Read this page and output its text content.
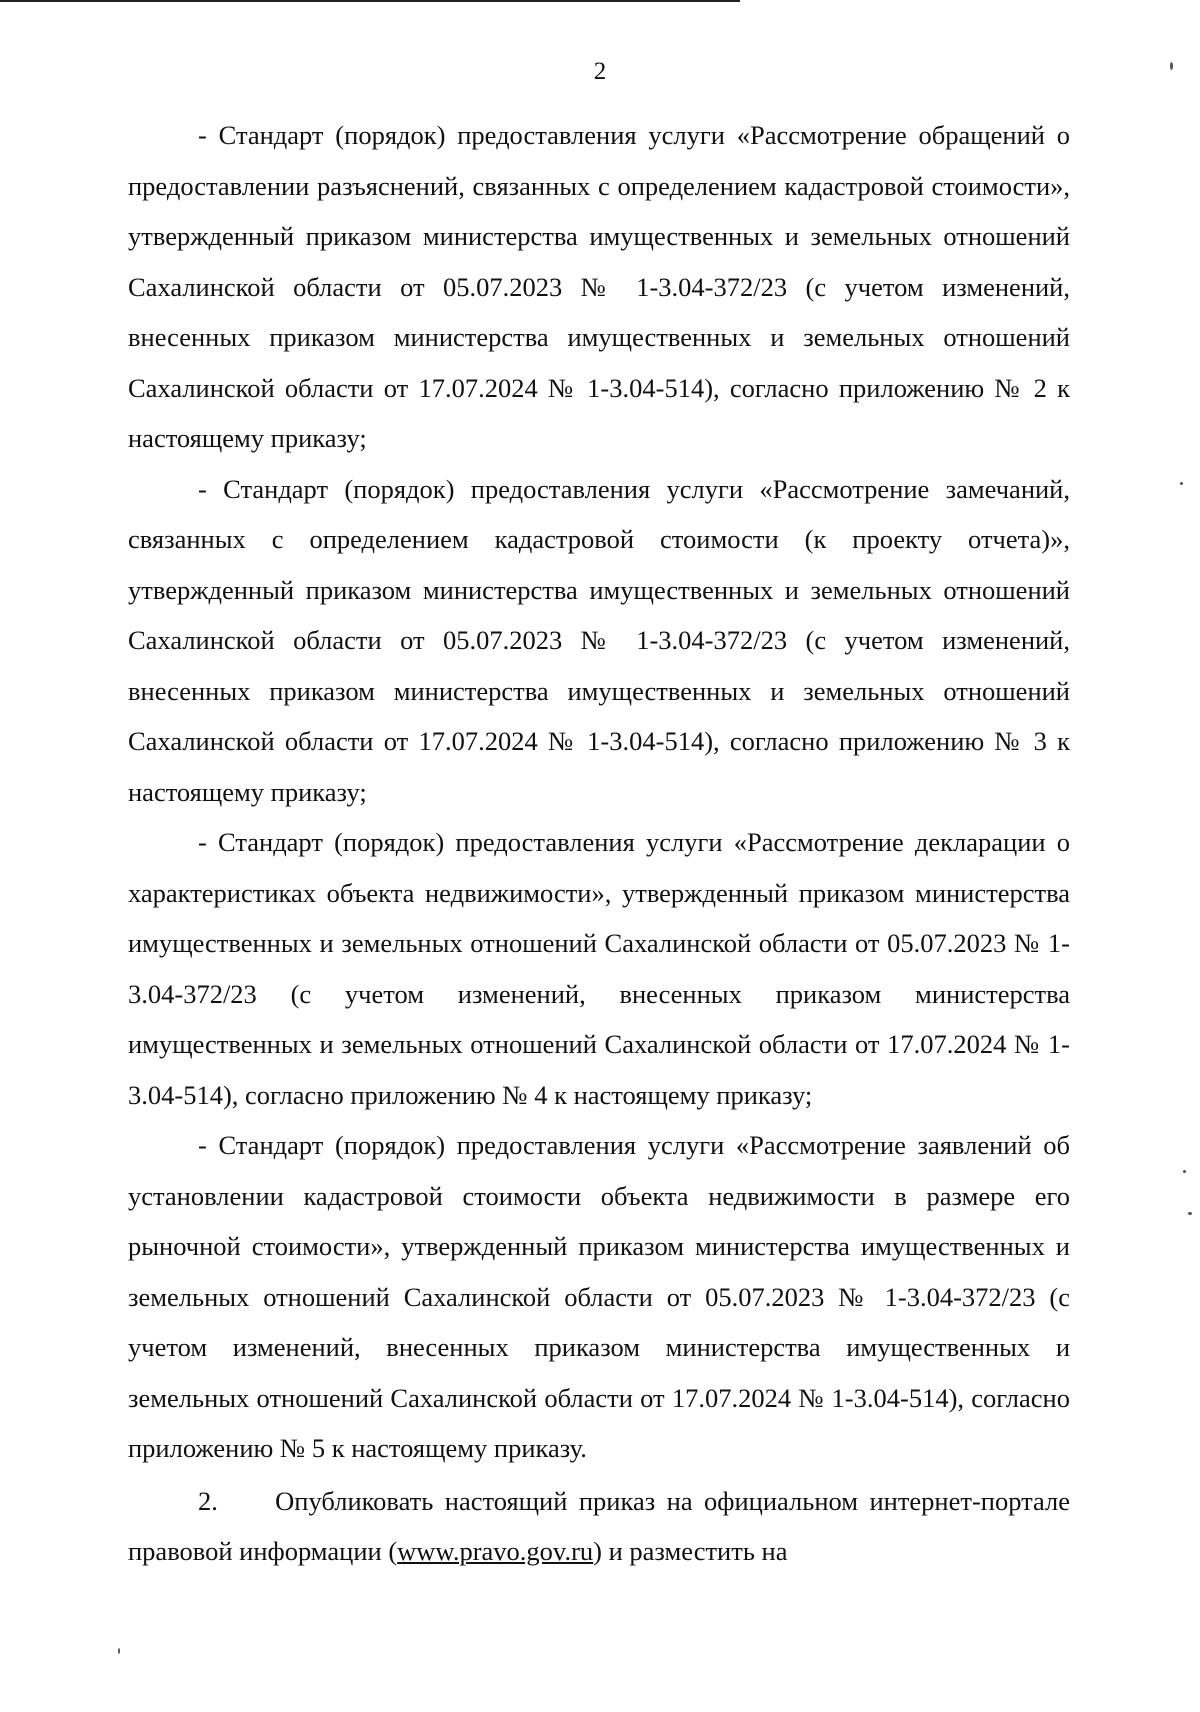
2

- Стандарт (порядок) предоставления услуги «Рассмотрение обращений о предоставлении разъяснений, связанных с определением кадастровой стоимости», утвержденный приказом министерства имущественных и земельных отношений Сахалинской области от 05.07.2023 № 1-3.04-372/23 (с учетом изменений, внесенных приказом министерства имущественных и земельных отношений Сахалинской области от 17.07.2024 № 1-3.04-514), согласно приложению № 2 к настоящему приказу;

- Стандарт (порядок) предоставления услуги «Рассмотрение замечаний, связанных с определением кадастровой стоимости (к проекту отчета)», утвержденный приказом министерства имущественных и земельных отношений Сахалинской области от 05.07.2023 № 1-3.04-372/23 (с учетом изменений, внесенных приказом министерства имущественных и земельных отношений Сахалинской области от 17.07.2024 № 1-3.04-514), согласно приложению № 3 к настоящему приказу;

- Стандарт (порядок) предоставления услуги «Рассмотрение декларации о характеристиках объекта недвижимости», утвержденный приказом министерства имущественных и земельных отношений Сахалинской области от 05.07.2023 № 1-3.04-372/23 (с учетом изменений, внесенных приказом министерства имущественных и земельных отношений Сахалинской области от 17.07.2024 № 1-3.04-514), согласно приложению № 4 к настоящему приказу;

- Стандарт (порядок) предоставления услуги «Рассмотрение заявлений об установлении кадастровой стоимости объекта недвижимости в размере его рыночной стоимости», утвержденный приказом министерства имущественных и земельных отношений Сахалинской области от 05.07.2023 № 1-3.04-372/23 (с учетом изменений, внесенных приказом министерства имущественных и земельных отношений Сахалинской области от 17.07.2024 № 1-3.04-514), согласно приложению № 5 к настоящему приказу.

2. Опубликовать настоящий приказ на официальном интернет-портале правовой информации (www.pravo.gov.ru) и разместить на
